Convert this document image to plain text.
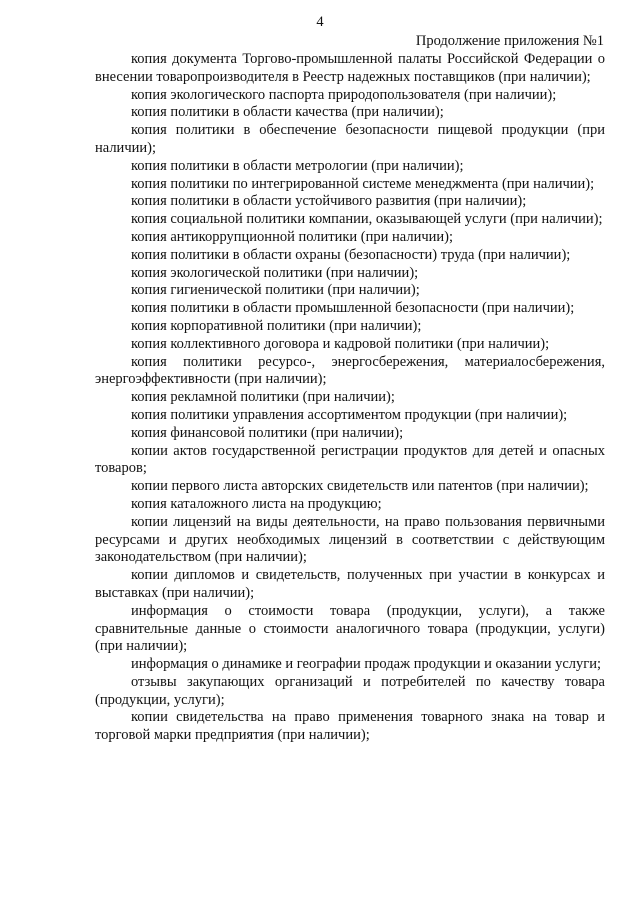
4
Продолжение приложения №1

копия документа Торгово-промышленной палаты Российской Федерации о внесении товаропроизводителя в Реестр надежных поставщиков (при наличии);

копия экологического паспорта природопользователя (при наличии);

копия политики в области качества (при наличии);

копия политики в обеспечение безопасности пищевой продукции (при наличии);

копия политики в области метрологии (при наличии);

копия политики по интегрированной системе менеджмента (при наличии);

копия политики в области устойчивого развития (при наличии);

копия социальной политики компании, оказывающей услуги (при наличии);

копия антикоррупционной политики (при наличии);

копия политики в области охраны (безопасности) труда (при наличии);

копия экологической политики (при наличии);

копия гигиенической политики (при наличии);

копия политики в области промышленной безопасности (при наличии);

копия корпоративной политики (при наличии);

копия коллективного договора и кадровой политики (при наличии);

копия политики ресурсо-, энергосбережения, материалосбережения, энергоэффективности (при наличии);

копия рекламной политики (при наличии);

копия политики управления ассортиментом продукции (при наличии);

копия финансовой политики (при наличии);

копии актов государственной регистрации продуктов для детей и опасных товаров;

копии первого листа авторских свидетельств или патентов (при наличии);

копия каталожного листа на продукцию;

копии лицензий на виды деятельности, на право пользования первичными ресурсами и других необходимых лицензий в соответствии с действующим законодательством (при наличии);

копии дипломов и свидетельств, полученных при участии в конкурсах и выставках (при наличии);

информация о стоимости товара (продукции, услуги), а также сравнительные данные о стоимости аналогичного товара (продукции, услуги) (при наличии);

информация о динамике и географии продаж продукции и оказании услуги;

отзывы закупающих организаций и потребителей по качеству товара (продукции, услуги);

копии свидетельства на право применения товарного знака на товар и торговой марки предприятия (при наличии);
